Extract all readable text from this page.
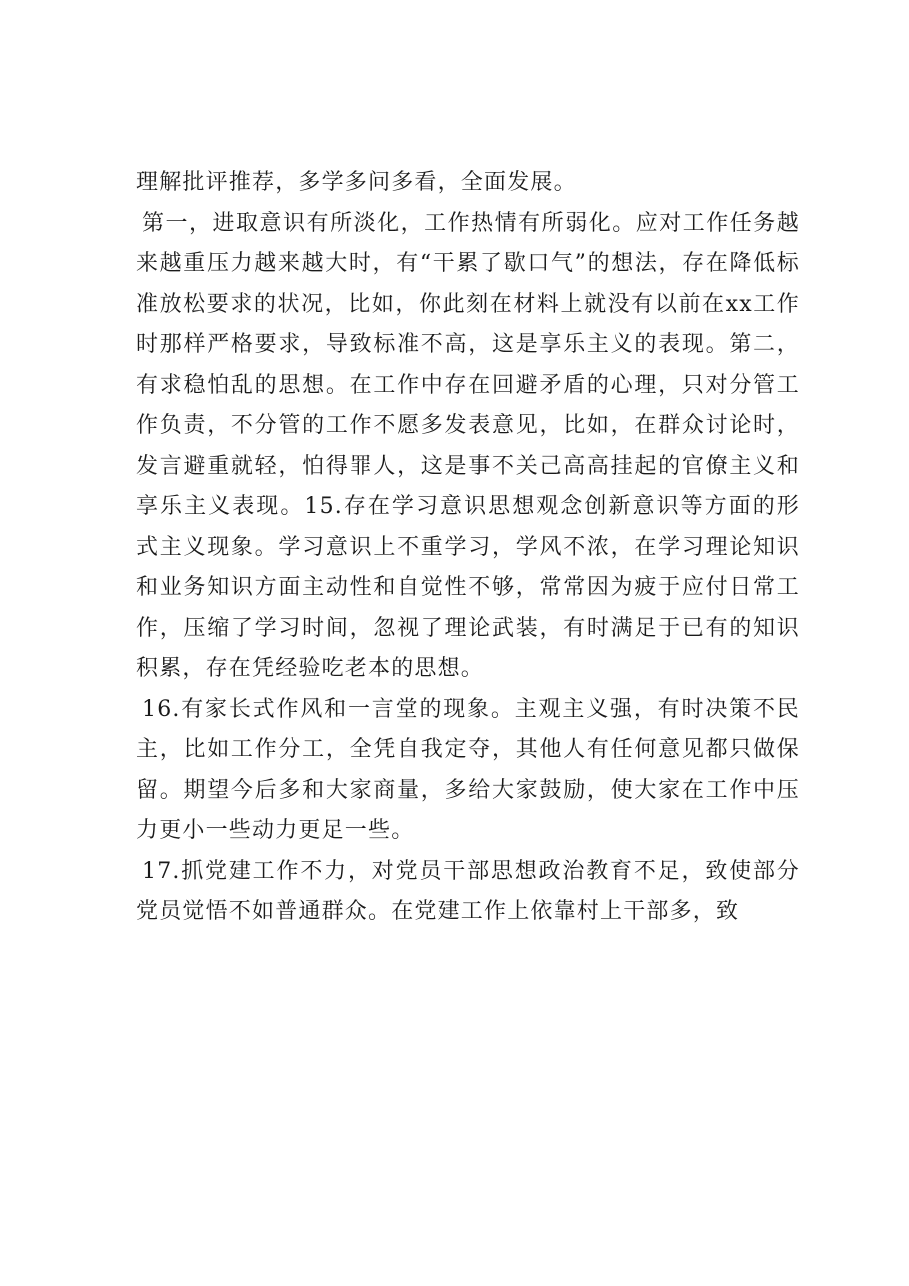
理解批评推荐，多学多问多看，全面发展。

第一，进取意识有所淡化，工作热情有所弱化。应对工作任务越来越重压力越来越大时，有“干累了歇口气”的想法，存在降低标准放松要求的状况，比如，你此刻在材料上就没有以前在xx工作时那样严格要求，导致标准不高，这是享乐主义的表现。第二，有求稳怕乱的思想。在工作中存在回避矛盾的心理，只对分管工作负责，不分管的工作不愿多发表意见，比如，在群众讨论时，发言避重就轻，怕得罪人，这是事不关己高高挂起的官僚主义和享乐主义表现。15.存在学习意识思想观念创新意识等方面的形式主义现象。学习意识上不重学习，学风不浓，在学习理论知识和业务知识方面主动性和自觉性不够，常常因为疲于应付日常工作，压缩了学习时间，忽视了理论武装，有时满足于已有的知识积累，存在凭经验吃老本的思想。

16.有家长式作风和一言堂的现象。主观主义强，有时决策不民主，比如工作分工，全凭自我定夺，其他人有任何意见都只做保留。期望今后多和大家商量，多给大家鼓励，使大家在工作中压力更小一些动力更足一些。

17.抓党建工作不力，对党员干部思想政治教育不足，致使部分党员觉悟不如普通群众。在党建工作上依靠村上干部多，致
